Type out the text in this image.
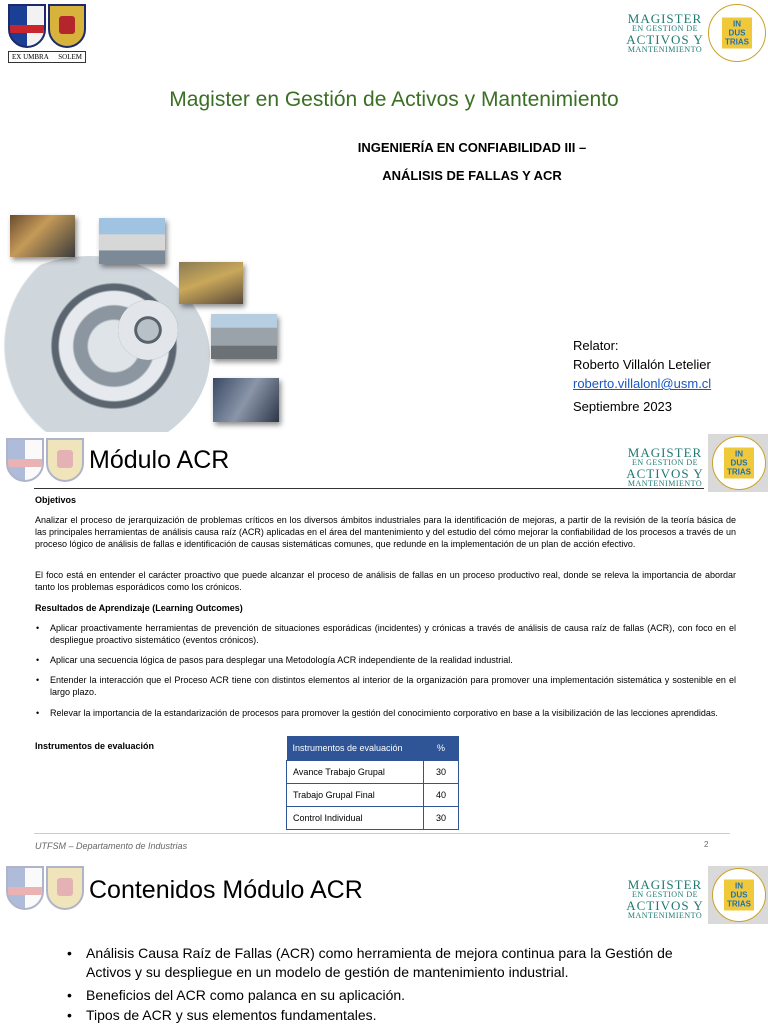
EX UMBRA SOLEM
MAGISTER
EN GESTION DE
ACTIVOS Y
MANTENIMIENTO
IN
DUS
TRIAS
Magister en Gestión de Activos y Mantenimiento
INGENIERÍA EN CONFIABILIDAD III –
ANÁLISIS DE FALLAS Y ACR
Relator:
Roberto Villalón Letelier
roberto.villalonl@usm.cl
Septiembre 2023
Módulo ACR	MAGISTER
EN GESTION DE
ACTIVOS Y
MANTENIMIENTO
IN
DUS
TRIAS
Objetivos
Analizar el proceso de jerarquización de problemas críticos en los diversos ámbitos industriales para la identificación de mejoras, a partir de la revisión de la teoría básica de las principales herramientas de análisis causa raíz (ACR) aplicadas en el área del mantenimiento y del estudio del cómo mejorar la confiabilidad de los procesos a través de un proceso lógico de análisis de fallas e identificación de causas sistemáticas comunes, que redunde en la implementación de un plan de acción efectivo.
El foco está en entender el carácter proactivo que puede alcanzar el proceso de análisis de fallas en un proceso productivo real, donde se releva la importancia de abordar tanto los problemas esporádicos como los crónicos.
Resultados de Aprendizaje (Learning Outcomes)
• Aplicar proactivamente herramientas de prevención de situaciones esporádicas (incidentes) y crónicas a través de análisis de causa raíz de fallas (ACR), con foco en el despliegue proactivo sistemático (eventos crónicos).
• Aplicar una secuencia lógica de pasos para desplegar una Metodología ACR independiente de la realidad industrial.
• Entender la interacción que el Proceso ACR tiene con distintos elementos al interior de la organización para promover una implementación sistemática y sostenible en el largo plazo.
• Relevar la importancia de la estandarización de procesos para promover la gestión del conocimiento corporativo en base a la visibilización de las lecciones aprendidas.
Instrumentos de evaluación	Instrumentos de evaluación	%
Avance Trabajo Grupal	30
Trabajo Grupal Final	40
Control Individual	30
UTFSM – Departamento de Industrias	2
Contenidos Módulo ACR	MAGISTER
EN GESTION DE
ACTIVOS Y
MANTENIMIENTO
IN
DUS
TRIAS
• Análisis Causa Raíz de Fallas (ACR) como herramienta de mejora continua para la Gestión de Activos y su despliegue en un modelo de gestión de mantenimiento industrial.
• Beneficios del ACR como palanca en su aplicación.
• Tipos de ACR y sus elementos fundamentales.
